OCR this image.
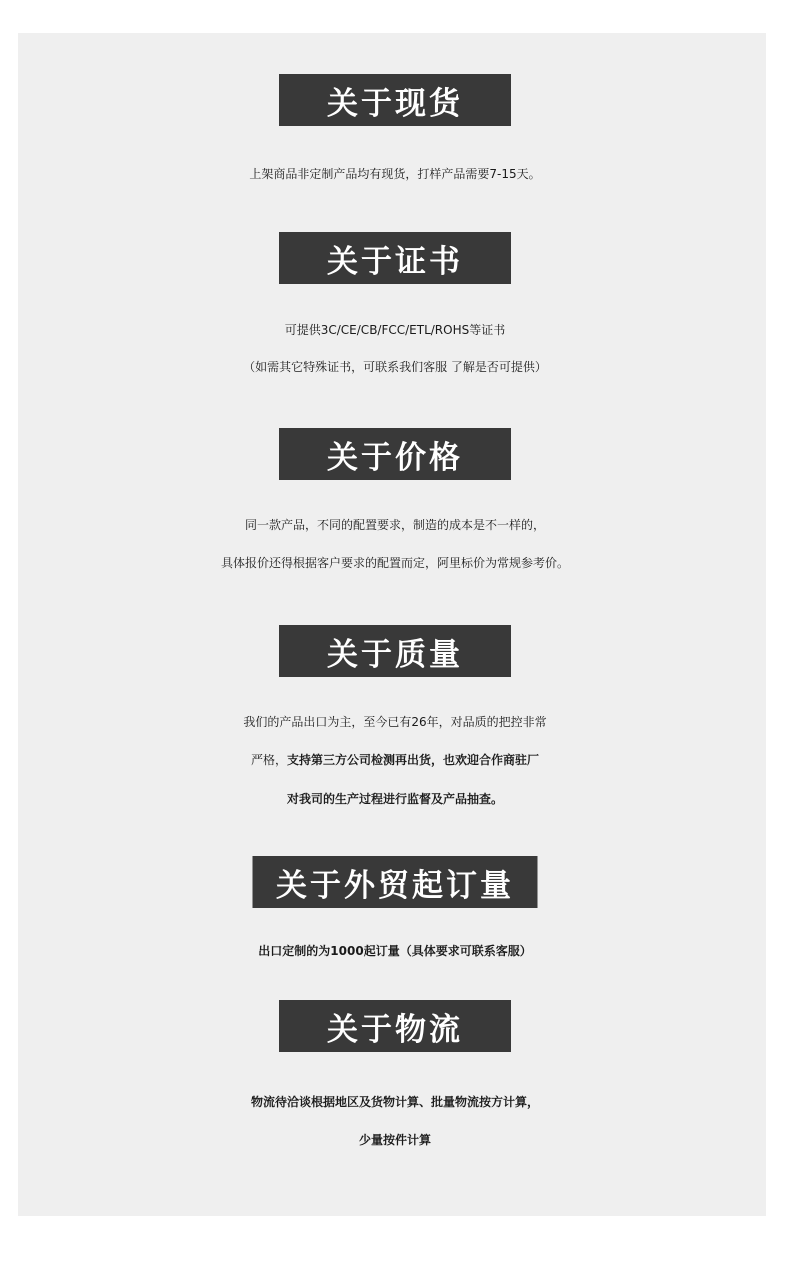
关于现货
上架商品非定制产品均有现货，打样产品需要7-15天。
关于证书
可提供3C/CE/CB/FCC/ETL/ROHS等证书
（如需其它特殊证书，可联系我们客服 了解是否可提供）
关于价格
同一款产品，不同的配置要求，制造的成本是不一样的，
具体报价还得根据客户要求的配置而定，阿里标价为常规参考价。
关于质量
我们的产品出口为主，至今已有26年，对品质的把控非常
严格，支持第三方公司检测再出货，也欢迎合作商驻厂
对我司的生产过程进行监督及产品抽查。
关于外贸起订量
出口定制的为1000起订量（具体要求可联系客服）
关于物流
物流待洽谈根据地区及货物计算、批量物流按方计算，
少量按件计算
